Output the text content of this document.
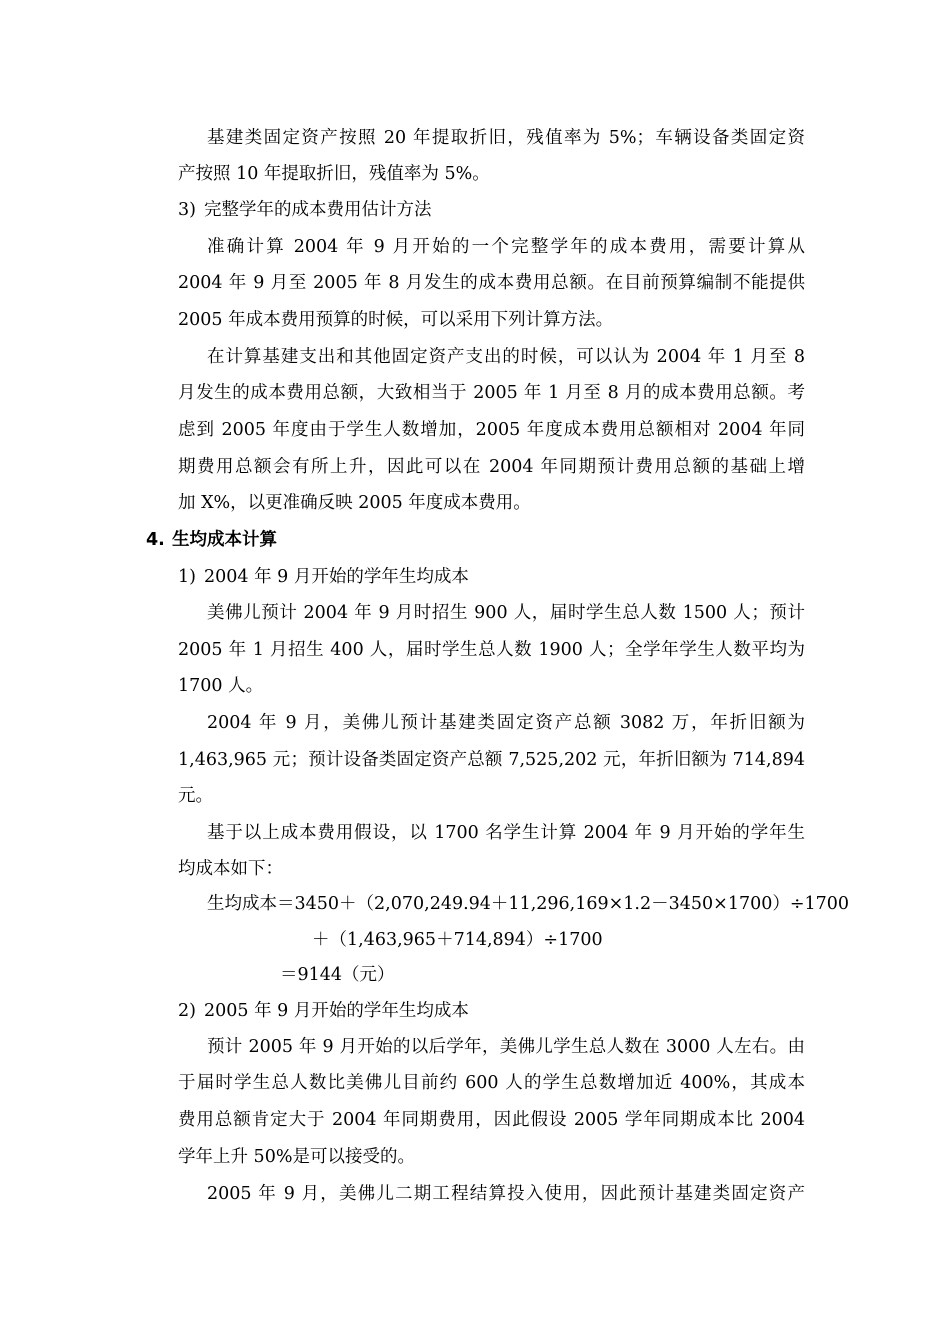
基建类固定资产按照 20 年提取折旧，残值率为 5%；车辆设备类固定资
产按照 10 年提取折旧，残值率为 5%。
3) 完整学年的成本费用估计方法
准确计算 2004 年 9 月开始的一个完整学年的成本费用，需要计算从
2004 年 9 月至 2005 年 8 月发生的成本费用总额。在目前预算编制不能提供
2005 年成本费用预算的时候，可以采用下列计算方法。
在计算基建支出和其他固定资产支出的时候，可以认为 2004 年 1 月至 8
月发生的成本费用总额，大致相当于 2005 年 1 月至 8 月的成本费用总额。考
虑到 2005 年度由于学生人数增加，2005 年度成本费用总额相对 2004 年同
期费用总额会有所上升，因此可以在 2004 年同期预计费用总额的基础上增
加 X%，以更准确反映 2005 年度成本费用。
4. 生均成本计算
1) 2004 年 9 月开始的学年生均成本
美佛儿预计 2004 年 9 月时招生 900 人，届时学生总人数 1500 人；预计
2005 年 1 月招生 400 人，届时学生总人数 1900 人；全学年学生人数平均为
1700 人。
2004 年 9 月，美佛儿预计基建类固定资产总额 3082 万，年折旧额为
1,463,965 元；预计设备类固定资产总额 7,525,202 元，年折旧额为 714,894
元。
基于以上成本费用假设，以 1700 名学生计算 2004 年 9 月开始的学年生
均成本如下：
生均成本＝3450＋（2,070,249.94＋11,296,169×1.2－3450×1700）÷1700
＋（1,463,965＋714,894）÷1700
＝9144（元）
2) 2005 年 9 月开始的学年生均成本
预计 2005 年 9 月开始的以后学年，美佛儿学生总人数在 3000 人左右。由
于届时学生总人数比美佛儿目前约 600 人的学生总数增加近 400%，其成本
费用总额肯定大于 2004 年同期费用，因此假设 2005 学年同期成本比 2004
学年上升 50%是可以接受的。
2005 年 9 月，美佛儿二期工程结算投入使用，因此预计基建类固定资产
